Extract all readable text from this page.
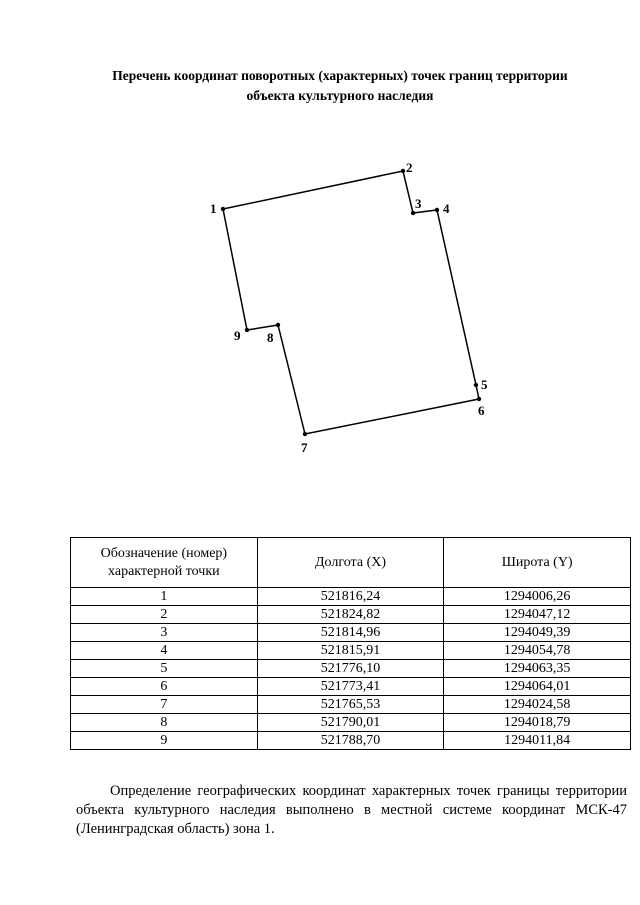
Перечень координат поворотных (характерных) точек границ территории
объекта культурного наследия
1
2
3 4
5
6
7
8
9
Обозначение (номер) характерной точки	Долгота (X)	Широта (Y)
1	521816,24	1294006,26
2	521824,82	1294047,12
3	521814,96	1294049,39
4	521815,91	1294054,78
5	521776,10	1294063,35
6	521773,41	1294064,01
7	521765,53	1294024,58
8	521790,01	1294018,79
9	521788,70	1294011,84

Определение географических координат характерных точек границы территории объекта культурного наследия выполнено в местной системе координат МСК-47 (Ленинградская область) зона 1.
